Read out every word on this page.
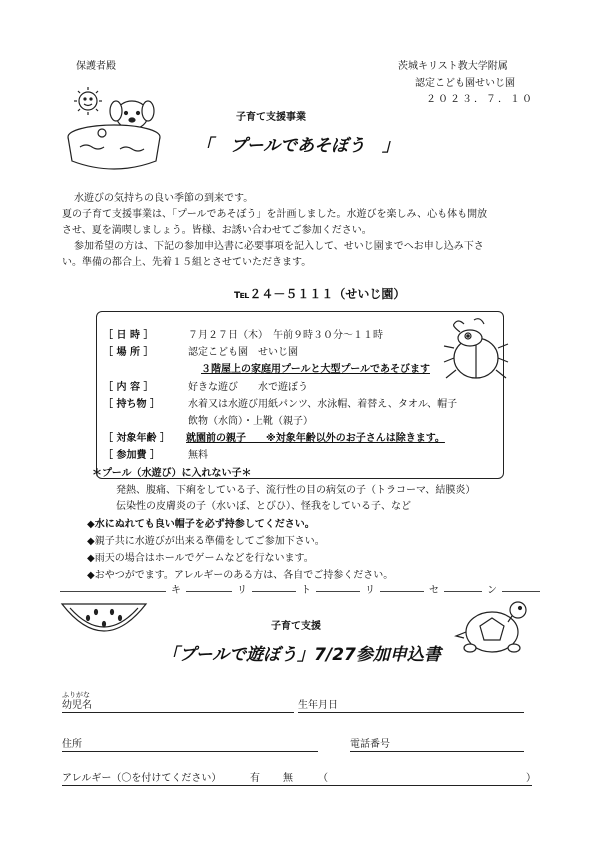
保護者殿	茨城キリスト教大学附属
認定こども園せいじ園
２０２３．７．１０
子育て支援事業
「　プールであそぼう　」
水遊びの気持ちの良い季節の到来です。
夏の子育て支援事業は、「プールであそぼう」を計画しました。水遊びを楽しみ、心も体も開放
させ、夏を満喫しましょう。皆様、お誘い合わせてご参加ください。
参加希望の方は、下記の参加申込書に必要事項を記入して、せいじ園までへお申し込み下さ
い。準備の都合上、先着１５組とさせていただきます。
℡２４－５１１１（せいじ園）
［ 日 時 ］	７月２７日（木）　午前９時３０分～１１時
［ 場 所 ］	認定こども園　せいじ園
３階屋上の家庭用プールと大型プールであそびます
［ 内 容 ］	好きな遊び　　水で遊ぼう
［ 持ち物 ］	水着又は水遊び用紙パンツ、水泳帽、着替え、タオル、帽子
飲物（水筒）・上靴（親子）
［ 対象年齢 ］ 就園前の親子　　※対象年齢以外のお子さんは除きます。
［ 参加費 ］	無料
＊プール（水遊び）に入れない子＊
発熱、腹痛、下痢をしている子、流行性の目の病気の子（トラコーマ、結膜炎）
伝染性の皮膚炎の子（水いぼ、とびひ）、怪我をしている子、など
◆水にぬれても良い帽子を必ず持参してください。
◆親子共に水遊びが出来る準備をしてご参加下さい。
◆雨天の場合はホールでゲームなどを行ないます。
◆おやつがでます。アレルギーのある方は、各自でご持参ください。
キ	リ	ト	リ	セ	ン
子育て支援
「プールで遊ぼう」7/27参加申込書
ふりがな
幼児名	生年月日
住所	電話番号
アレルギー（〇を付けてください）	有 無	（	）
